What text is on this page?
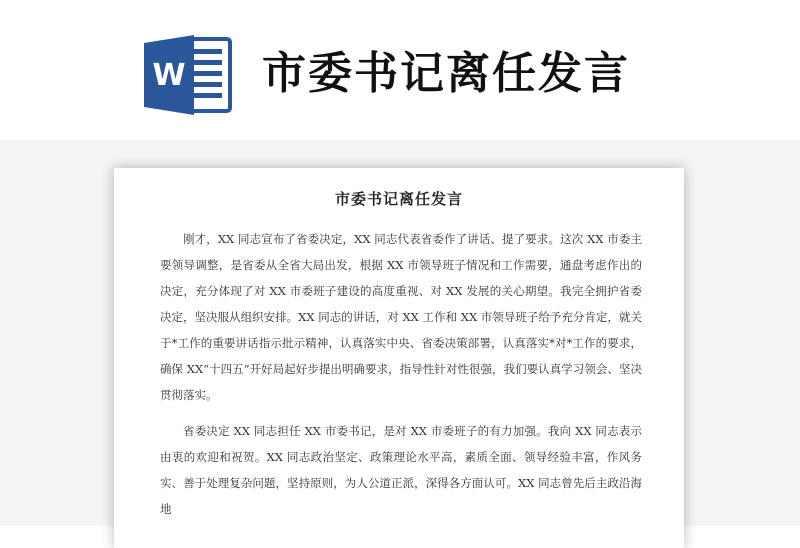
W 市委书记离任发言
市委书记离任发言

刚才，XX 同志宣布了省委决定，XX 同志代表省委作了讲话、提了要求。这次 XX 市委主要领导调整，是省委从全省大局出发，根据 XX 市领导班子情况和工作需要，通盘考虑作出的决定，充分体现了对 XX 市委班子建设的高度重视、对 XX 发展的关心期望。我完全拥护省委决定，坚决服从组织安排。XX 同志的讲话，对 XX 工作和 XX 市领导班子给予充分肯定，就关于*工作的重要讲话指示批示精神，认真落实中央、省委决策部署，认真落实*对*工作的要求，确保 XX“十四五”开好局起好步提出明确要求，指导性针对性很强，我们要认真学习领会、坚决贯彻落实。

省委决定 XX 同志担任 XX 市委书记，是对 XX 市委班子的有力加强。我向 XX 同志表示由衷的欢迎和祝贺。XX 同志政治坚定、政策理论水平高，素质全面、领导经验丰富，作风务实、善于处理复杂问题，坚持原则，为人公道正派，深得各方面认可。XX 同志曾先后主政沿海地
